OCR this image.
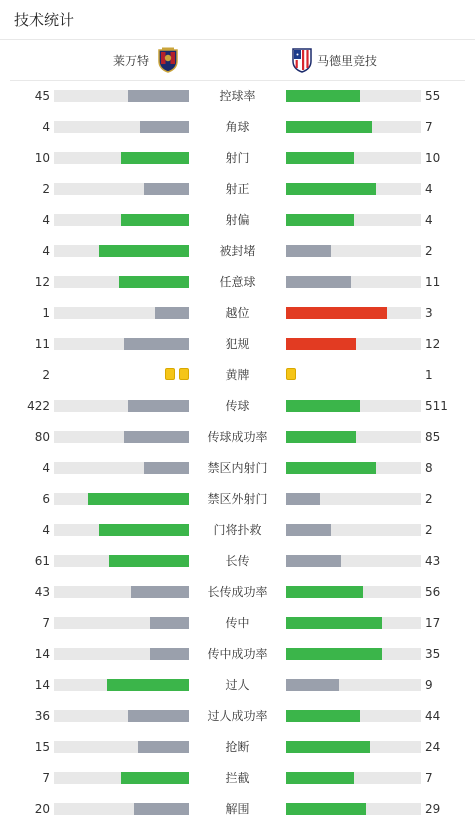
技术统计
莱万特	马德里竞技
45	控球率	55
4	角球	7
10	射门	10
2	射正	4
4	射偏	4
4	被封堵	2
12	任意球	11
1	越位	3
11	犯规	12
2	黄牌	1
422	传球	511
80	传球成功率	85
4	禁区内射门	8
6	禁区外射门	2
4	门将扑救	2
61	长传	43
43	长传成功率	56
7	传中	17
14	传中成功率	35
14	过人	9
36	过人成功率	44
15	抢断	24
7	拦截	7
20	解围	29
